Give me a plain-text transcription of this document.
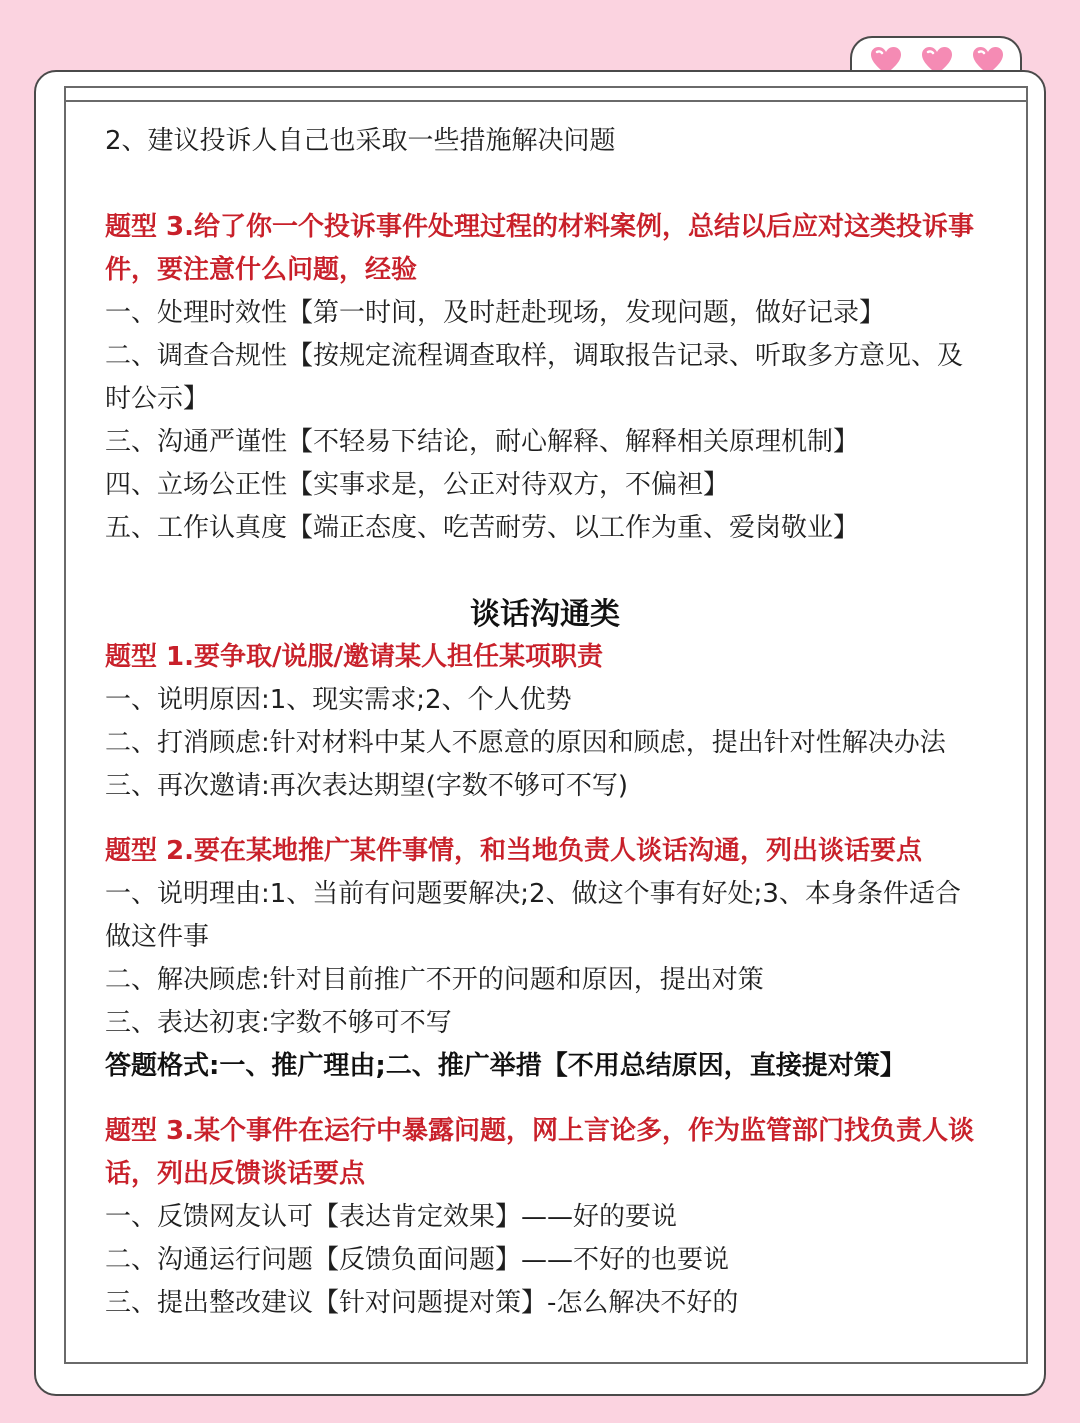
2、建议投诉人自己也采取一些措施解决问题

题型 3.给了你一个投诉事件处理过程的材料案例，总结以后应对这类投诉事件，要注意什么问题，经验

一、处理时效性【第一时间，及时赶赴现场，发现问题，做好记录】

二、调查合规性【按规定流程调查取样，调取报告记录、听取多方意见、及时公示】

三、沟通严谨性【不轻易下结论，耐心解释、解释相关原理机制】

四、立场公正性【实事求是，公正对待双方，不偏袒】

五、工作认真度【端正态度、吃苦耐劳、以工作为重、爱岗敬业】

谈话沟通类

题型 1.要争取/说服/邀请某人担任某项职责

一、说明原因:1、现实需求;2、个人优势

二、打消顾虑:针对材料中某人不愿意的原因和顾虑，提出针对性解决办法

三、再次邀请:再次表达期望(字数不够可不写)

题型 2.要在某地推广某件事情，和当地负责人谈话沟通，列出谈话要点

一、说明理由:1、当前有问题要解决;2、做这个事有好处;3、本身条件适合做这件事

二、解决顾虑:针对目前推广不开的问题和原因，提出对策

三、表达初衷:字数不够可不写

答题格式:一、推广理由;二、推广举措【不用总结原因，直接提对策】

题型 3.某个事件在运行中暴露问题，网上言论多，作为监管部门找负责人谈话，列出反馈谈话要点

一、反馈网友认可【表达肯定效果】——好的要说

二、沟通运行问题【反馈负面问题】——不好的也要说

三、提出整改建议【针对问题提对策】-怎么解决不好的
